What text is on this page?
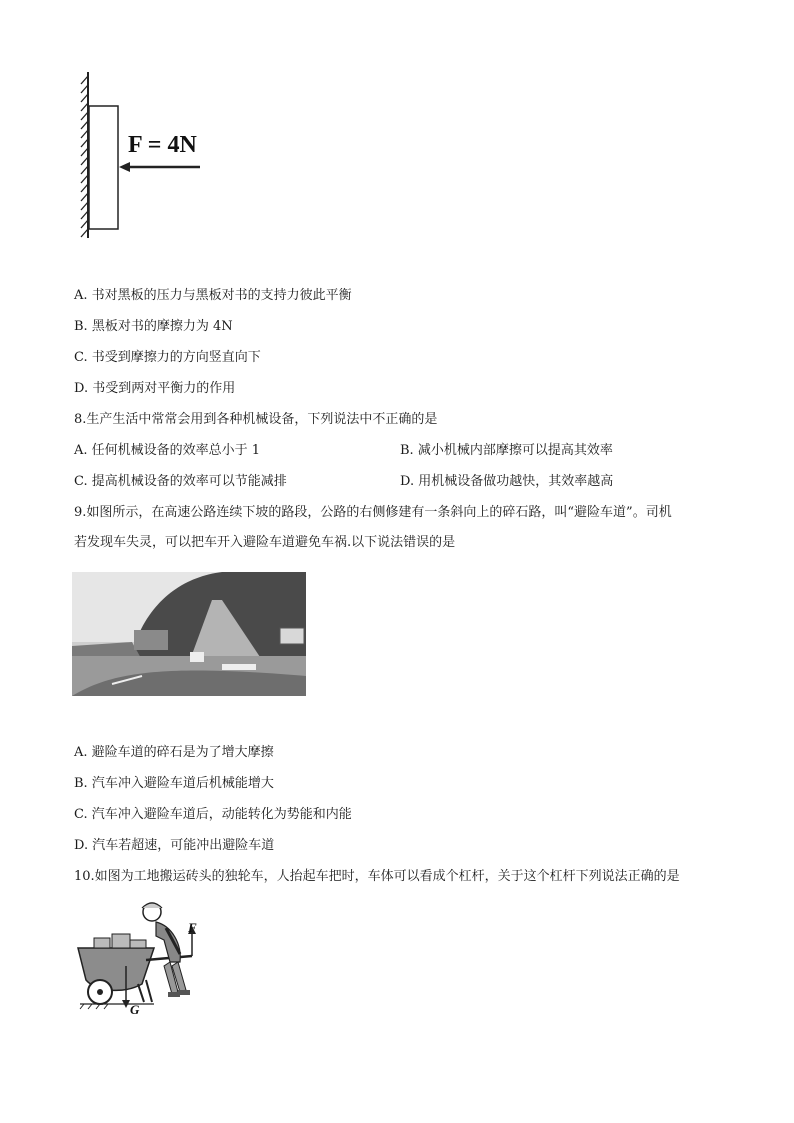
F = 4N
A. 书对黑板的压力与黑板对书的支持力彼此平衡
B. 黑板对书的摩擦力为 4N
C. 书受到摩擦力的方向竖直向下
D. 书受到两对平衡力的作用
8.生产生活中常常会用到各种机械设备，下列说法中不正确的是
A. 任何机械设备的效率总小于 1	B. 减小机械内部摩擦可以提高其效率
C. 提高机械设备的效率可以节能减排	D. 用机械设备做功越快，其效率越高
9.如图所示，在高速公路连续下坡的路段，公路的右侧修建有一条斜向上的碎石路，叫“避险车道”。司机
若发现车失灵，可以把车开入避险车道避免车祸.以下说法错误的是
A. 避险车道的碎石是为了增大摩擦
B. 汽车冲入避险车道后机械能增大
C. 汽车冲入避险车道后，动能转化为势能和内能
D. 汽车若超速，可能冲出避险车道
10.如图为工地搬运砖头的独轮车，人抬起车把时，车体可以看成个杠杆，关于这个杠杆下列说法正确的是
G
F
